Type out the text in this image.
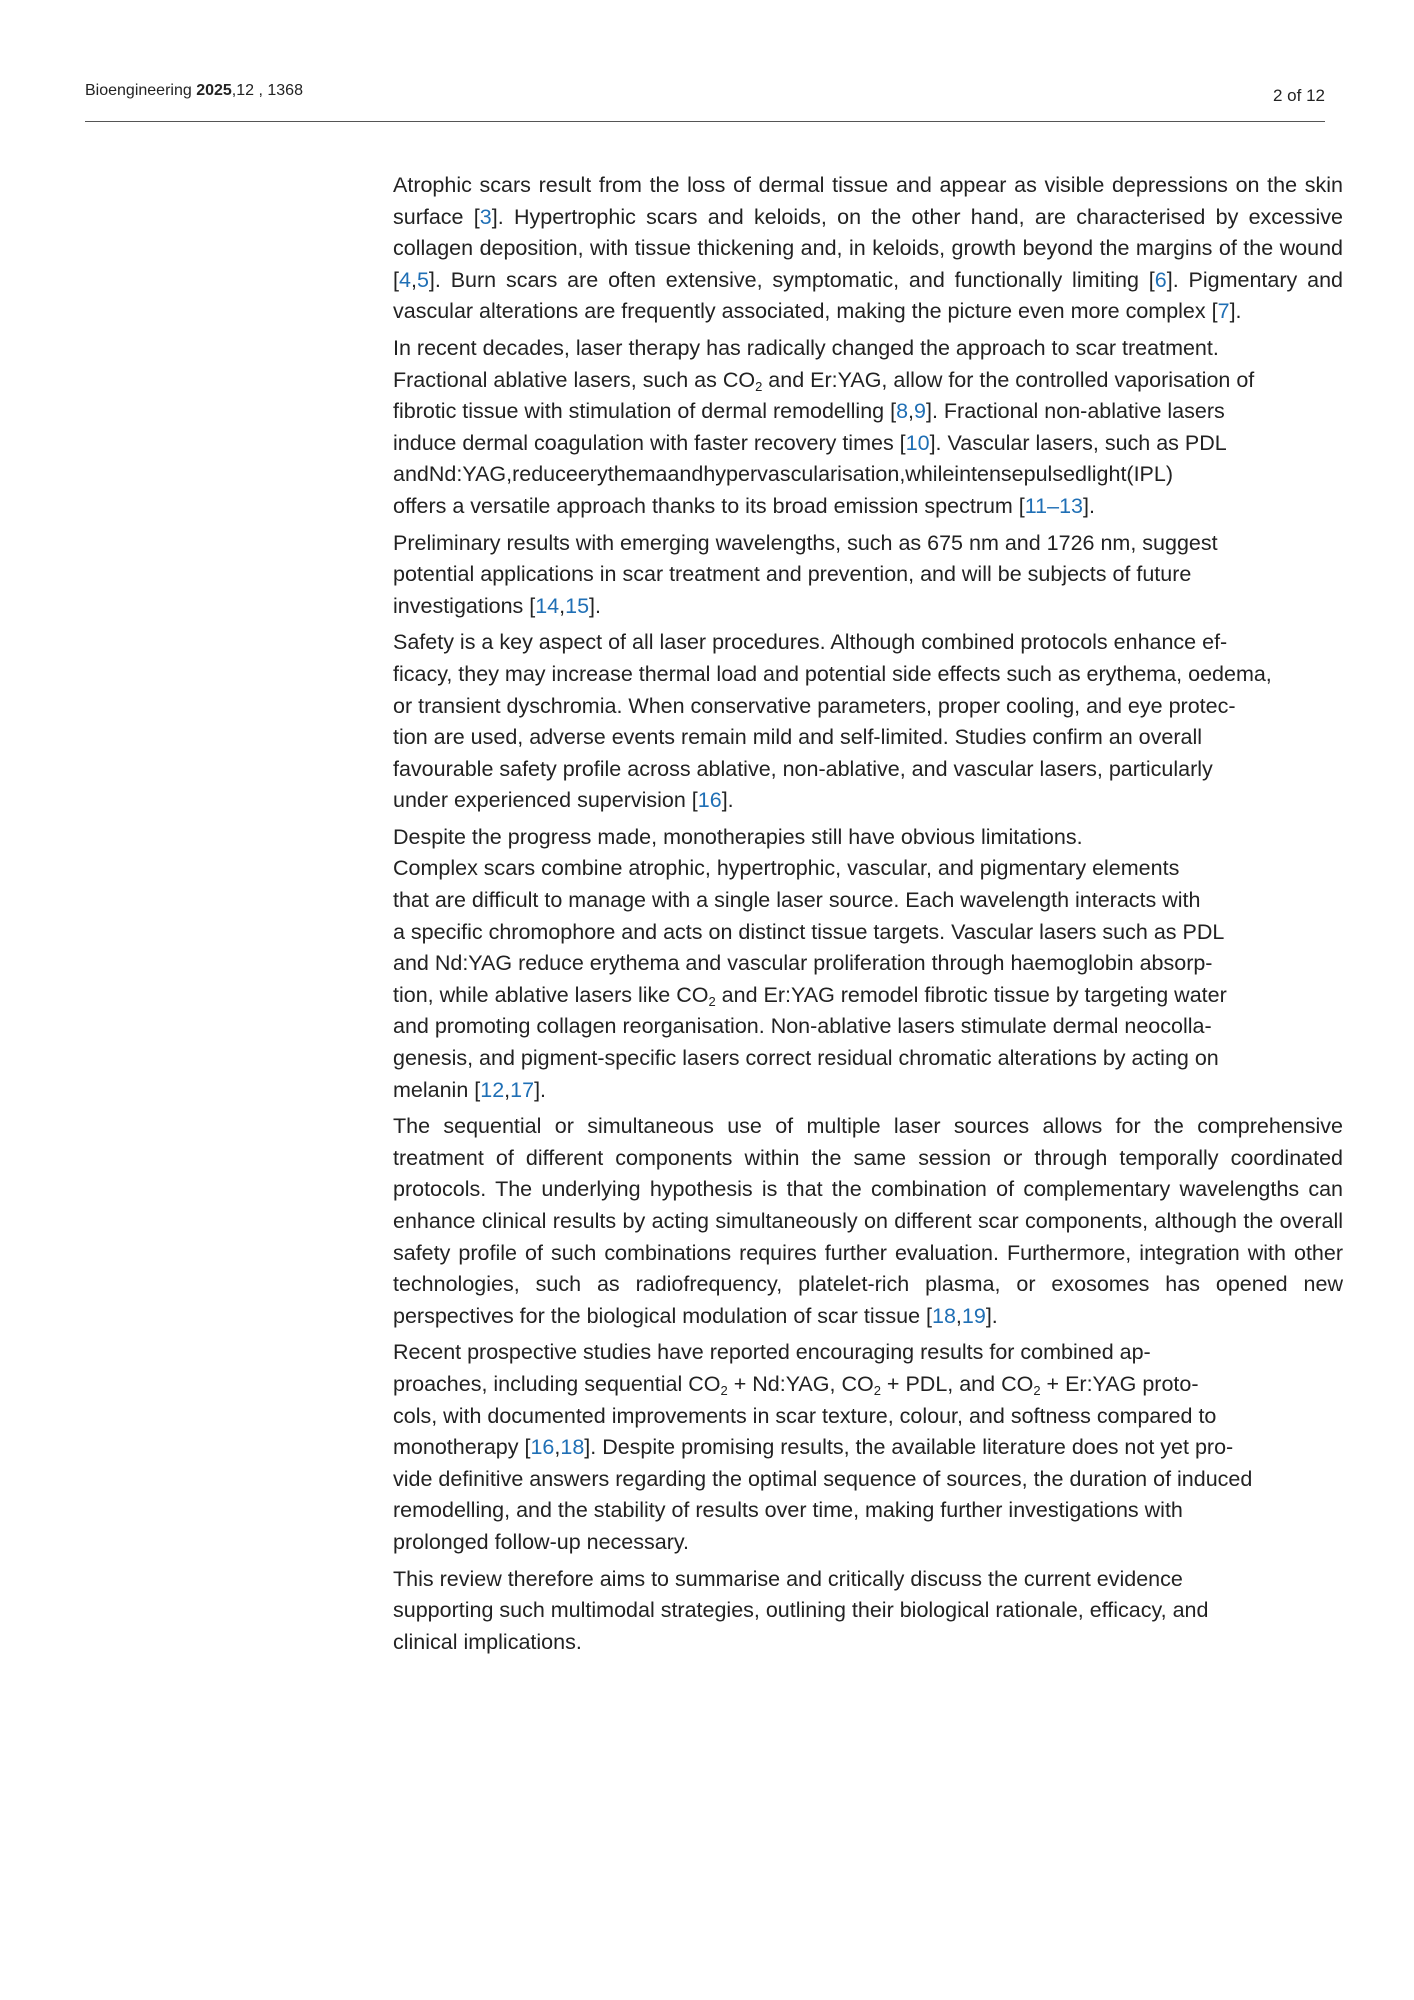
Bioengineering 2025,12 , 1368	2 of 12

Atrophic scars result from the loss of dermal tissue and appear as visible depressions on the skin surface [3]. Hypertrophic scars and keloids, on the other hand, are characterised by excessive collagen deposition, with tissue thickening and, in keloids, growth beyond the margins of the wound [4,5]. Burn scars are often extensive, symptomatic, and functionally limiting [6]. Pigmentary and vascular alterations are frequently associated, making the picture even more complex [7].

In recent decades, laser therapy has radically changed the approach to scar treatment.
Fractional ablative lasers, such as $CO_2$ and Er:YAG, allow for the controlled vaporisation of
fibrotic tissue with stimulation of dermal remodelling [8,9]. Fractional non-ablative lasers
induce dermal coagulation with faster recovery times [10]. Vascular lasers, such as PDL
andNd:YAG,reduceerythemaandhypervascularisation,whileintensepulsedlight(IPL)
offers a versatile approach thanks to its broad emission spectrum [11–13].

Preliminary results with emerging wavelengths, such as 675 nm and 1726 nm, suggest
potential applications in scar treatment and prevention, and will be subjects of future
investigations [14,15].

Safety is a key aspect of all laser procedures. Although combined protocols enhance ef-
ficacy, they may increase thermal load and potential side effects such as erythema, oedema,
or transient dyschromia. When conservative parameters, proper cooling, and eye protec-
tion are used, adverse events remain mild and self-limited. Studies confirm an overall
favourable safety profile across ablative, non-ablative, and vascular lasers, particularly
under experienced supervision [16].

Despite the progress made, monotherapies still have obvious limitations.
Complex scars combine atrophic, hypertrophic, vascular, and pigmentary elements
that are difficult to manage with a single laser source. Each wavelength interacts with
a specific chromophore and acts on distinct tissue targets. Vascular lasers such as PDL
and Nd:YAG reduce erythema and vascular proliferation through haemoglobin absorp-
tion, while ablative lasers like $CO_2$ and Er:YAG remodel fibrotic tissue by targeting water
and promoting collagen reorganisation. Non-ablative lasers stimulate dermal neocolla-
genesis, and pigment-specific lasers correct residual chromatic alterations by acting on
melanin [12,17].

The sequential or simultaneous use of multiple laser sources allows for the comprehensive treatment of different components within the same session or through temporally coordinated protocols. The underlying hypothesis is that the combination of complementary wavelengths can enhance clinical results by acting simultaneously on different scar components, although the overall safety profile of such combinations requires further evaluation. Furthermore, integration with other technologies, such as radiofrequency, platelet-rich plasma, or exosomes has opened new perspectives for the biological modulation of scar tissue [18,19].

Recent prospective studies have reported encouraging results for combined ap-
proaches, including sequential $CO_2$ + Nd:YAG, $CO_2$ + PDL, and $CO_2$ + Er:YAG proto-
cols, with documented improvements in scar texture, colour, and softness compared to
monotherapy [16,18]. Despite promising results, the available literature does not yet pro-
vide definitive answers regarding the optimal sequence of sources, the duration of induced
remodelling, and the stability of results over time, making further investigations with
prolonged follow-up necessary.

This review therefore aims to summarise and critically discuss the current evidence
supporting such multimodal strategies, outlining their biological rationale, efficacy, and
clinical implications.
